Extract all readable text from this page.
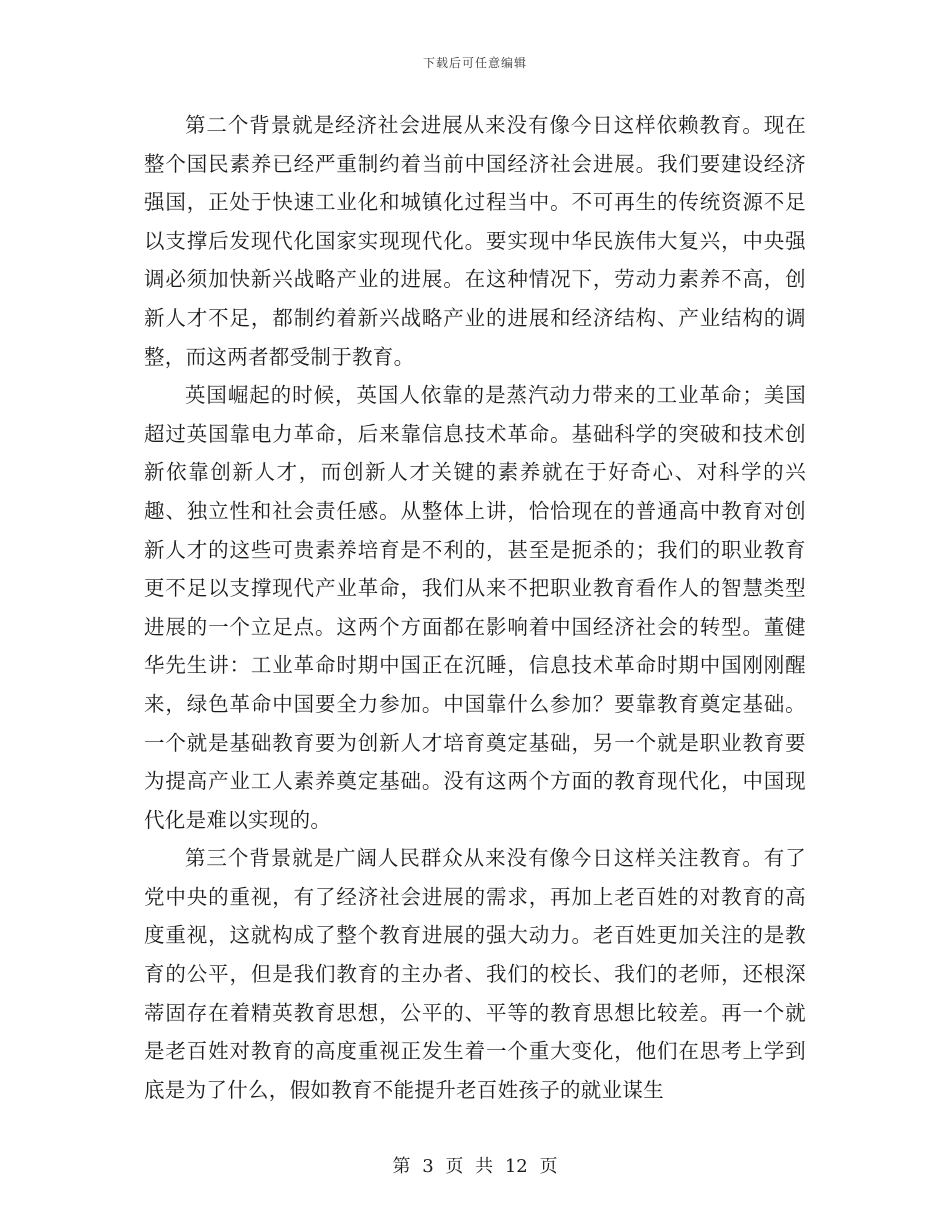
下载后可任意编辑

第二个背景就是经济社会进展从来没有像今日这样依赖教育。现在整个国民素养已经严重制约着当前中国经济社会进展。我们要建设经济强国，正处于快速工业化和城镇化过程当中。不可再生的传统资源不足以支撑后发现代化国家实现现代化。要实现中华民族伟大复兴，中央强调必须加快新兴战略产业的进展。在这种情况下，劳动力素养不高，创新人才不足，都制约着新兴战略产业的进展和经济结构、产业结构的调整，而这两者都受制于教育。

英国崛起的时候，英国人依靠的是蒸汽动力带来的工业革命；美国超过英国靠电力革命，后来靠信息技术革命。基础科学的突破和技术创新依靠创新人才，而创新人才关键的素养就在于好奇心、对科学的兴趣、独立性和社会责任感。从整体上讲，恰恰现在的普通高中教育对创新人才的这些可贵素养培育是不利的，甚至是扼杀的；我们的职业教育更不足以支撑现代产业革命，我们从来不把职业教育看作人的智慧类型进展的一个立足点。这两个方面都在影响着中国经济社会的转型。董健华先生讲：工业革命时期中国正在沉睡，信息技术革命时期中国刚刚醒来，绿色革命中国要全力参加。中国靠什么参加？要靠教育奠定基础。一个就是基础教育要为创新人才培育奠定基础，另一个就是职业教育要为提高产业工人素养奠定基础。没有这两个方面的教育现代化，中国现代化是难以实现的。

第三个背景就是广阔人民群众从来没有像今日这样关注教育。有了党中央的重视，有了经济社会进展的需求，再加上老百姓的对教育的高度重视，这就构成了整个教育进展的强大动力。老百姓更加关注的是教育的公平，但是我们教育的主办者、我们的校长、我们的老师，还根深蒂固存在着精英教育思想，公平的、平等的教育思想比较差。再一个就是老百姓对教育的高度重视正发生着一个重大变化，他们在思考上学到底是为了什么，假如教育不能提升老百姓孩子的就业谋生

第 3 页 共 12 页
